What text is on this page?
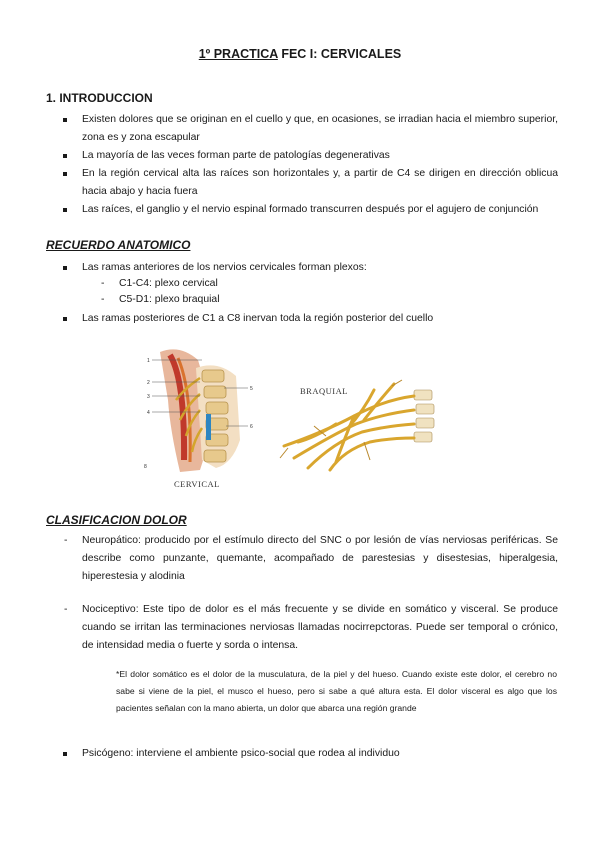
1º PRACTICA FEC I: CERVICALES
1. INTRODUCCION
Existen dolores que se originan en el cuello y que, en ocasiones, se irradian hacia el miembro superior, zona es y zona escapular
La mayoría de las veces forman parte de patologías degenerativas
En la región cervical alta las raíces son horizontales y, a partir de C4 se dirigen en dirección oblicua hacia abajo y hacia fuera
Las raíces, el ganglio y el nervio espinal formado transcurren después por el agujero de conjunción
RECUERDO ANATOMICO
Las ramas anteriores de los nervios cervicales forman plexos:
- C1-C4: plexo cervical
- C5-D1: plexo braquial
Las ramas posteriores de C1 a C8 inervan toda la región posterior del cuello
1
2
3
4
5
6
8
CERVICAL
BRAQUIAL
CLASIFICACION DOLOR
- Neuropático: producido por el estímulo directo del SNC o por lesión de vías nerviosas periféricas. Se describe como punzante, quemante, acompañado de parestesias y disestesias, hiperalgesia, hiperestesia y alodinia
- Nociceptivo: Este tipo de dolor es el más frecuente y se divide en somático y visceral. Se produce cuando se irritan las terminaciones nerviosas llamadas nocirrepctoras. Puede ser temporal o crónico, de intensidad media o fuerte y sorda o intensa.
*El dolor somático es el dolor de la musculatura, de la piel y del hueso. Cuando existe este dolor, el cerebro no sabe si viene de la piel, el musco el hueso, pero si sabe a qué altura esta. El dolor visceral es algo que los pacientes señalan con la mano abierta, un dolor que abarca una región grande
Psicógeno: interviene el ambiente psico-social que rodea al individuo
